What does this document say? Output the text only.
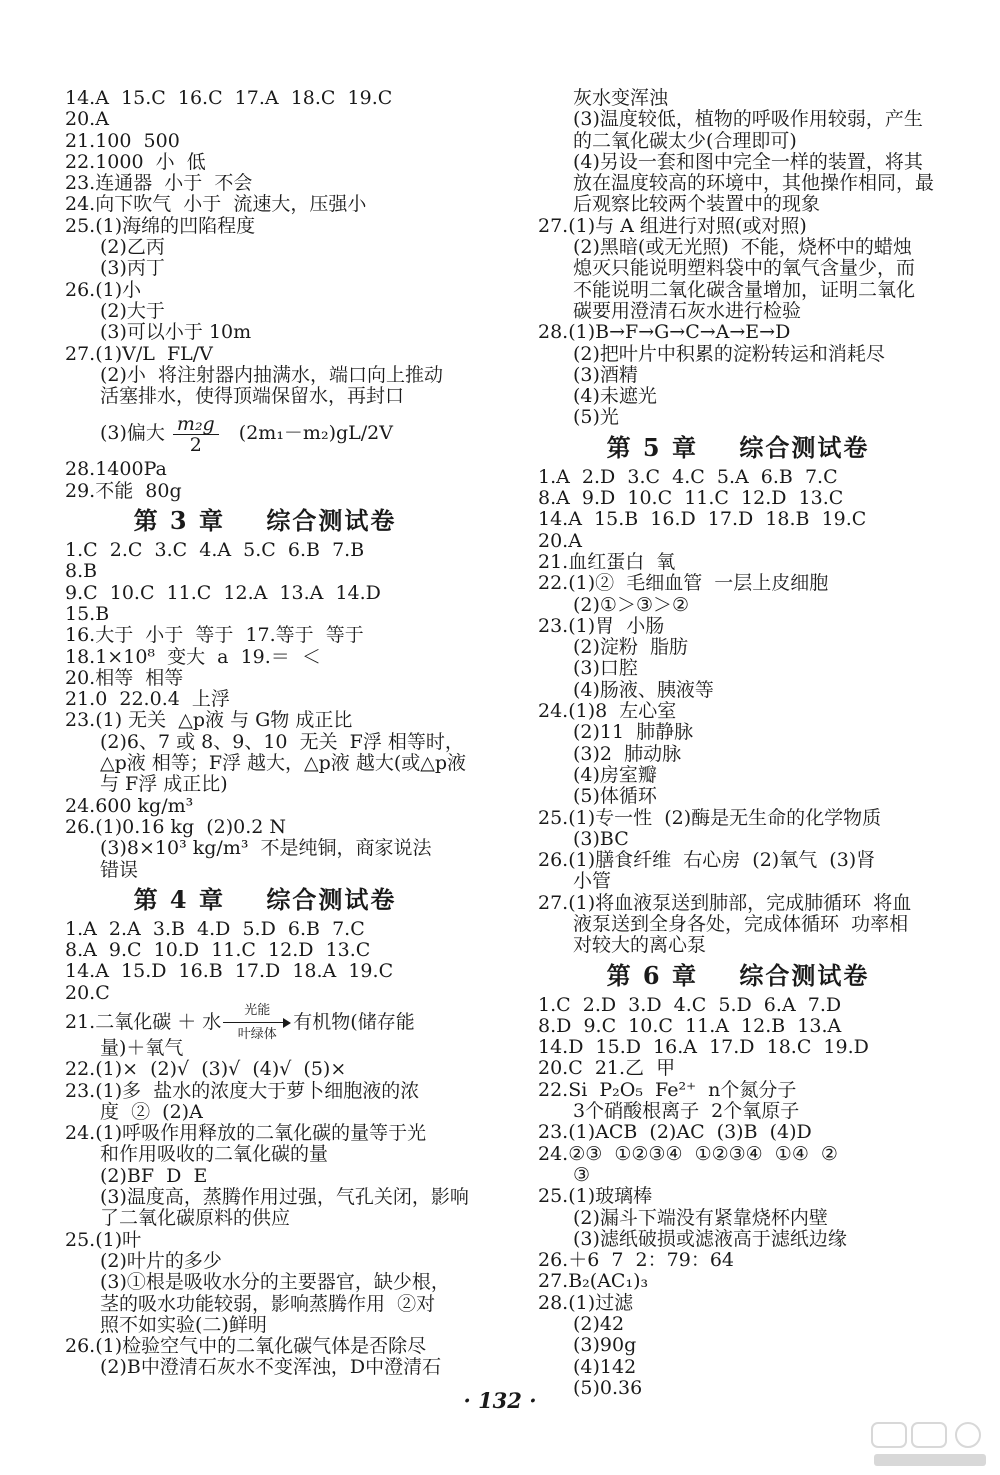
14.A  15.C  16.C  17.A  18.C  19.C
20.A
21.100  500
22.1000  小  低
23.连通器  小于  不会
24.向下吹气  小于  流速大，压强小
25.(1)海绵的凹陷程度
(2)乙丙
(3)丙丁
26.(1)小
(2)大于
(3)可以小于 10m
27.(1)V/L  FL/V
(2)小  将注射器内抽满水，端口向上推动
活塞排水，使得顶端保留水，再封口
(3)偏大 $\frac{\text{m₂g}}{2} (2m_1-m_2)gL/2V$
28.1400Pa
29.不能  80g
第 3 章    综合测试卷
1.C  2.C  3.C  4.A  5.C  6.B  7.B
8.B
9.C  10.C  11.C  12.A  13.A  14.D
15.B
16.大于  小于  等于  17.等于  等于
18.1×10⁸  变大  a  19.＝  ＜
20.相等  相等
21.0  22.0.4  上浮
23.(1) 无关  △p液 与 G物 成正比
(2)6、7 或 8、9、10  无关  F浮 相等时，
△p液 相等；F浮 越大，△p液 越大(或△p液
与 F浮 成正比)
24.600 kg/m³
26.(1)0.16 kg  (2)0.2 N
(3)8×10³ kg/m³  不是纯铜，商家说法
错误
第 4 章    综合测试卷
1.A  2.A  3.B  4.D  5.D  6.B  7.C
8.A  9.C  10.D  11.C  12.D  13.C
14.A  15.D  16.B  17.D  18.A  19.C
20.C
21.二氧化碳 ＋ 水
光能
叶绿体
有机物(储存能
量)＋氧气
22.(1)×  (2)√  (3)√  (4)√  (5)×
23.(1)多  盐水的浓度大于萝卜细胞液的浓
度  ②  (2)A
24.(1)呼吸作用释放的二氧化碳的量等于光
和作用吸收的二氧化碳的量
(2)BF  D  E
(3)温度高，蒸腾作用过强，气孔关闭，影响
了二氧化碳原料的供应
25.(1)叶
(2)叶片的多少
(3)①根是吸收水分的主要器官，缺少根，
茎的吸水功能较弱，影响蒸腾作用  ②对
照不如实验(二)鲜明
26.(1)检验空气中的二氧化碳气体是否除尽
(2)B中澄清石灰水不变浑浊，D中澄清石
灰水变浑浊
(3)温度较低，植物的呼吸作用较弱，产生
的二氧化碳太少(合理即可)
(4)另设一套和图中完全一样的装置，将其
放在温度较高的环境中，其他操作相同，最
后观察比较两个装置中的现象
27.(1)与 A 组进行对照(或对照)
(2)黑暗(或无光照)  不能，烧杯中的蜡烛
熄灭只能说明塑料袋中的氧气含量少，而
不能说明二氧化碳含量增加，证明二氧化
碳要用澄清石灰水进行检验
28.(1)B→F→G→C→A→E→D
(2)把叶片中积累的淀粉转运和消耗尽
(3)酒精
(4)未遮光
(5)光
第 5 章    综合测试卷
1.A  2.D  3.C  4.C  5.A  6.B  7.C
8.A  9.D  10.C  11.C  12.D  13.C
14.A  15.B  16.D  17.D  18.B  19.C
20.A
21.血红蛋白  氧
22.(1)②  毛细血管  一层上皮细胞
(2)①＞③＞②
23.(1)胃  小肠
(2)淀粉  脂肪
(3)口腔
(4)肠液、胰液等
24.(1)8  左心室
(2)11  肺静脉
(3)2  肺动脉
(4)房室瓣
(5)体循环
25.(1)专一性  (2)酶是无生命的化学物质
(3)BC
26.(1)膳食纤维  右心房  (2)氧气  (3)肾
小管
27.(1)将血液泵送到肺部，完成肺循环  将血
液泵送到全身各处，完成体循环  功率相
对较大的离心泵
第 6 章    综合测试卷
1.C  2.D  3.D  4.C  5.D  6.A  7.D
8.D  9.C  10.C  11.A  12.B  13.A
14.D  15.D  16.A  17.D  18.C  19.D
20.C  21.乙  甲
22.Si  P₂O₅  Fe²⁺  n个氮分子
3个硝酸根离子  2个氧原子
23.(1)ACB  (2)AC  (3)B  (4)D
24.②③  ①②③④  ①②③④  ①④  ②
③
25.(1)玻璃棒
(2)漏斗下端没有紧靠烧杯内壁
(3)滤纸破损或滤液高于滤纸边缘
26.＋6  7  2：79：64
27.B₂(AC₁)₃
28.(1)过滤
(2)42
(3)90g
(4)142
(5)0.36
· 132 ·
